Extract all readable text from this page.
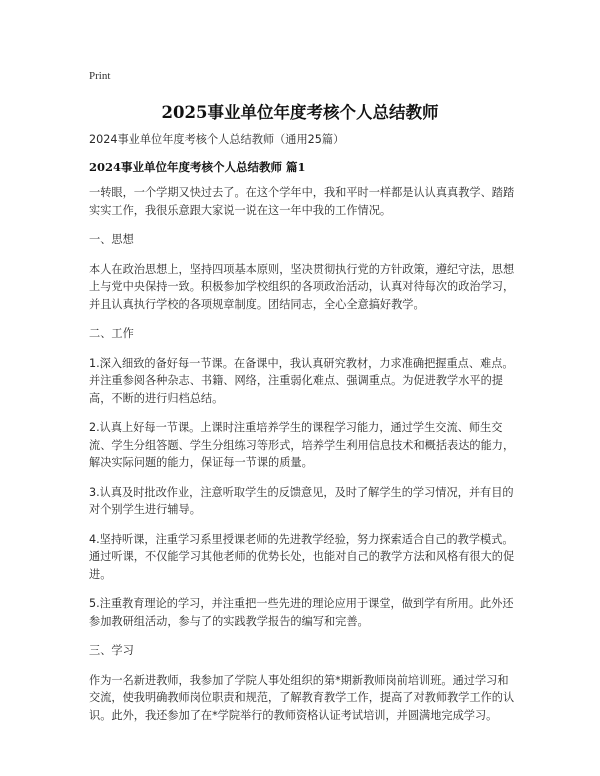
Print
2025事业单位年度考核个人总结教师
2024事业单位年度考核个人总结教师（通用25篇）
2024事业单位年度考核个人总结教师 篇1

一转眼，一个学期又快过去了。在这个学年中，我和平时一样都是认认真真教学、踏踏实实工作，我很乐意跟大家说一说在这一年中我的工作情况。

一、思想

本人在政治思想上，坚持四项基本原则，坚决贯彻执行党的方针政策，遵纪守法，思想上与党中央保持一致。积极参加学校组织的各项政治活动，认真对待每次的政治学习，并且认真执行学校的各项规章制度。团结同志，全心全意搞好教学。

二、工作

1.深入细致的备好每一节课。在备课中，我认真研究教材，力求准确把握重点、难点。并注重参阅各种杂志、书籍、网络，注重弱化难点、强调重点。为促进教学水平的提高，不断的进行归档总结。

2.认真上好每一节课。上课时注重培养学生的课程学习能力，通过学生交流、师生交流、学生分组答题、学生分组练习等形式，培养学生利用信息技术和概括表达的能力，解决实际问题的能力，保证每一节课的质量。

3.认真及时批改作业，注意听取学生的反馈意见，及时了解学生的学习情况，并有目的对个别学生进行辅导。

4.坚持听课，注重学习系里授课老师的先进教学经验，努力探索适合自己的教学模式。通过听课，不仅能学习其他老师的优势长处，也能对自己的教学方法和风格有很大的促进。

5.注重教育理论的学习，并注重把一些先进的理论应用于课堂，做到学有所用。此外还参加教研组活动，参与了的实践教学报告的编写和完善。

三、学习

作为一名新进教师，我参加了学院人事处组织的第*期新教师岗前培训班。通过学习和交流，使我明确教师岗位职责和规范，了解教育教学工作，提高了对教师教学工作的认识。此外，我还参加了在*学院举行的教师资格认证考试培训，并圆满地完成学习。
